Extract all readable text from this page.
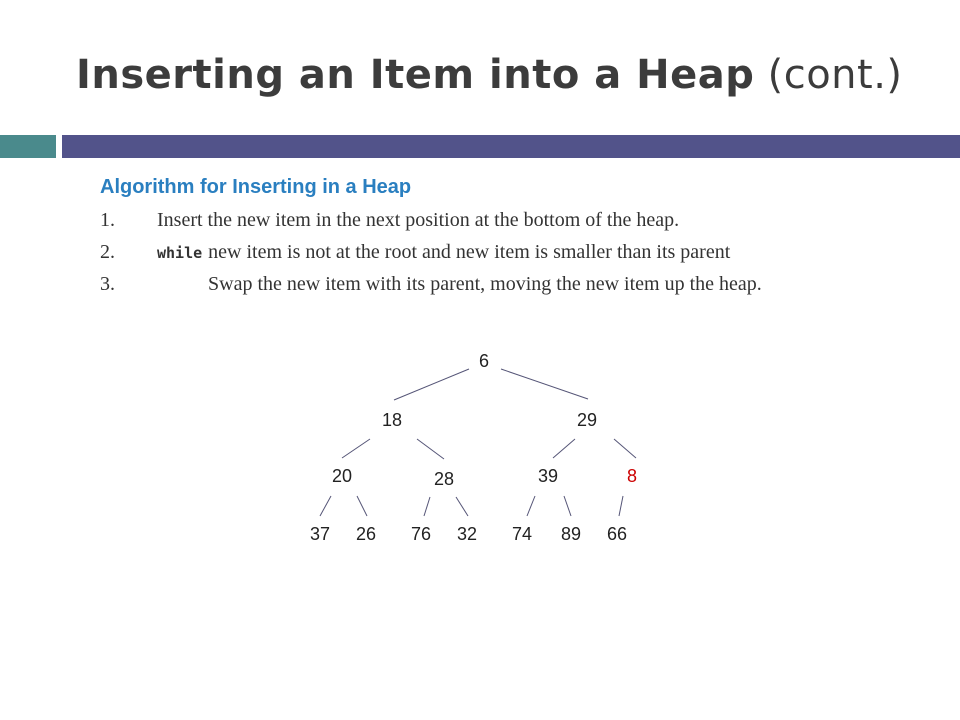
Inserting an Item into a Heap (cont.)
Algorithm for Inserting in a Heap
1. Insert the new item in the next position at the bottom of the heap.
2.	while new item is not at the root and new item is smaller than its parent
3.	Swap the new item with its parent, moving the new item up the heap.
6
18	29
20	28	39	8
37 26 76 32 74 89 66
